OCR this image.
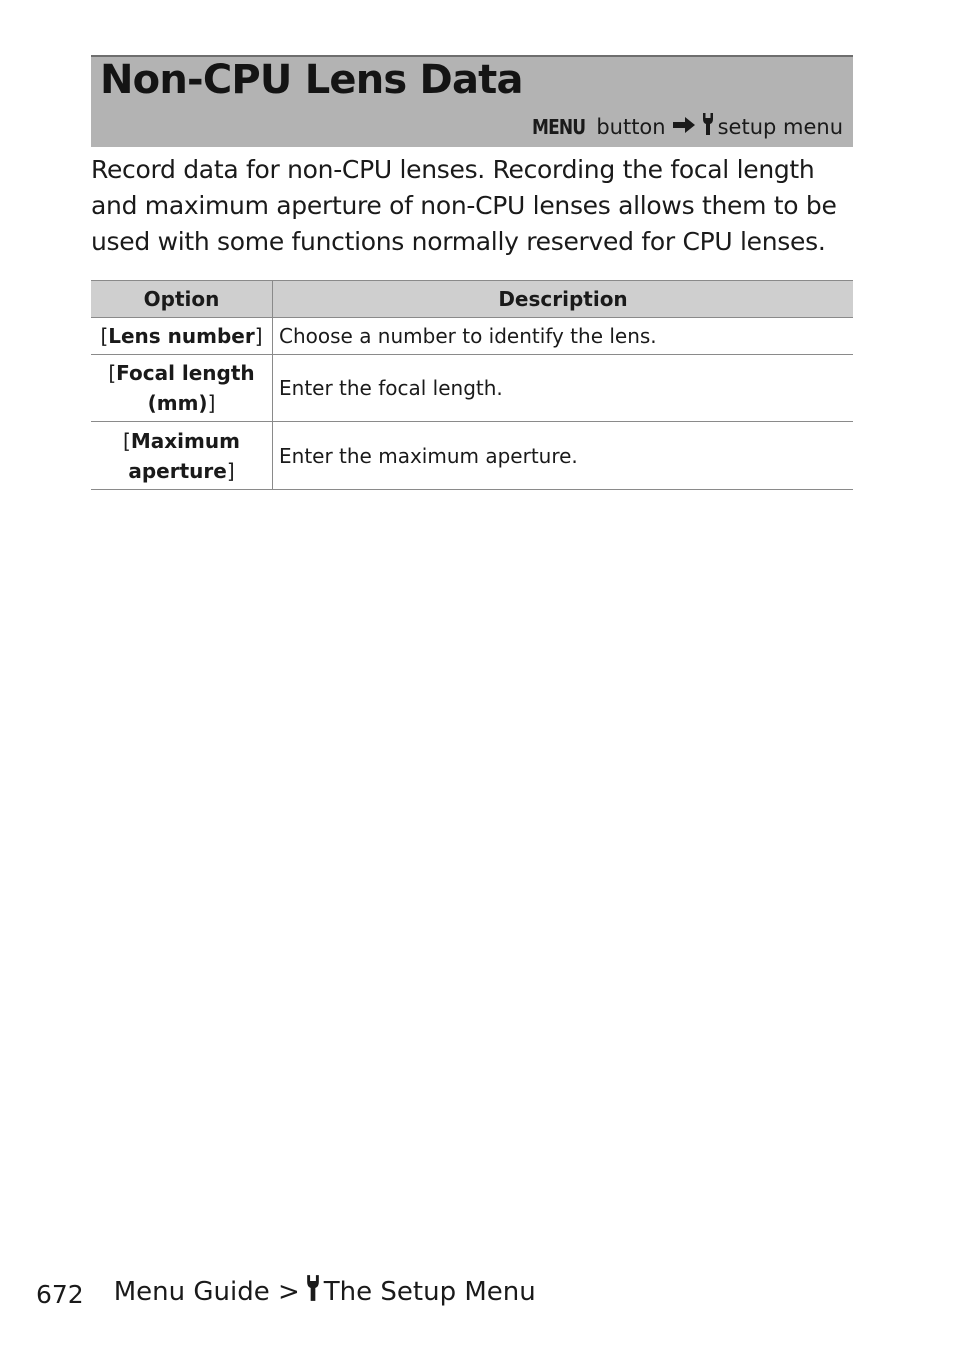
Non-CPU Lens Data
MENU button setup menu
Record data for non-CPU lenses. Recording the focal length and maximum aperture of non-CPU lenses allows them to be used with some functions normally reserved for CPU lenses.
Option	Description
[Lens number]	Choose a number to identify the lens.
[Focal length (mm)]	Enter the focal length.
[Maximum aperture]	Enter the maximum aperture.
672 Menu Guide > The Setup Menu
